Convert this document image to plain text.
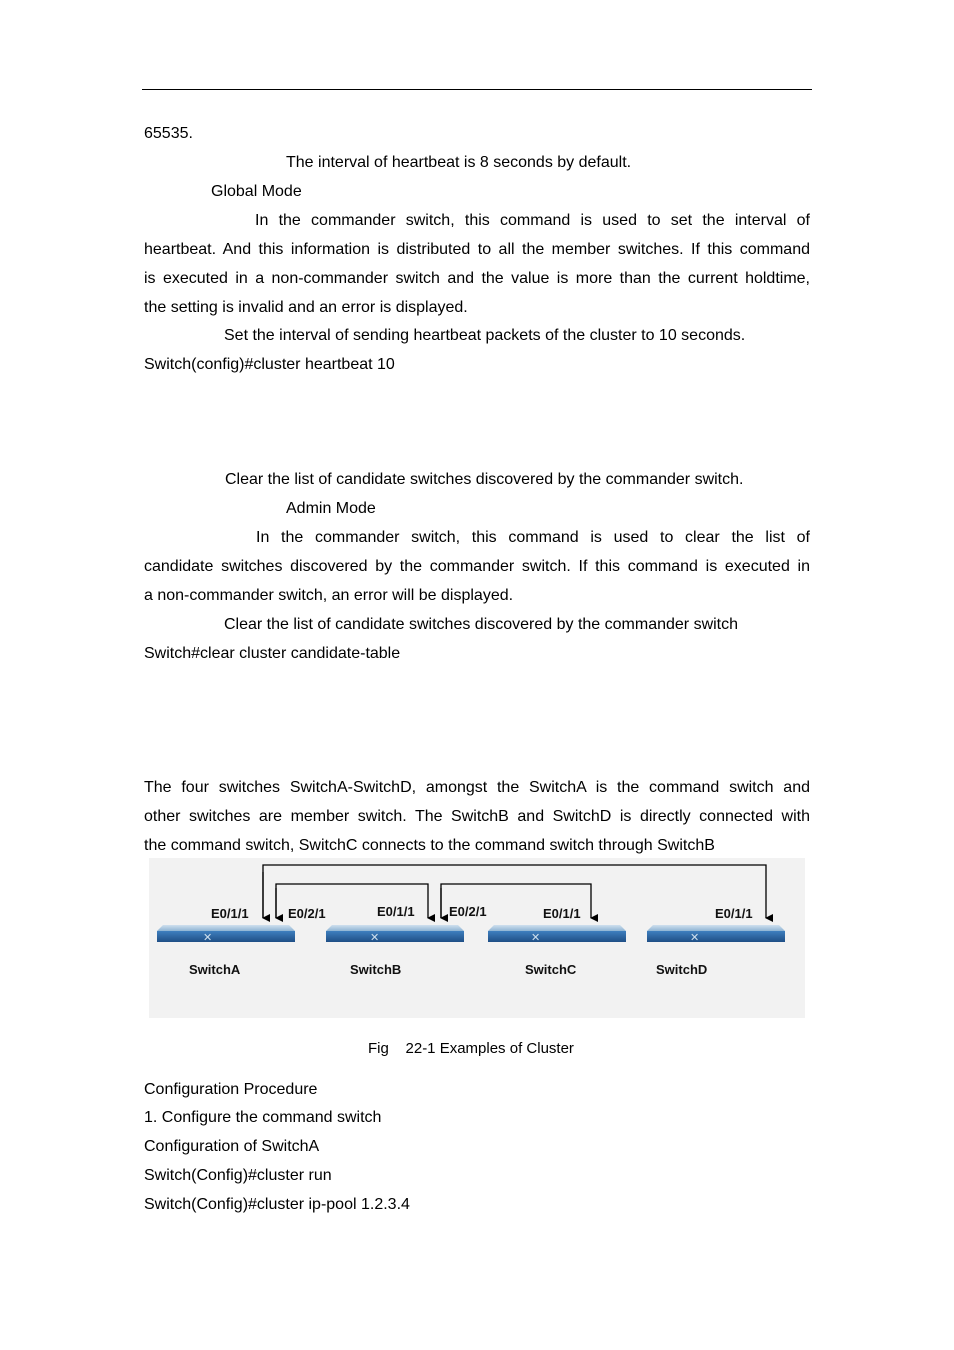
65535.
The interval of heartbeat is 8 seconds by default.
Global Mode
In the commander switch, this command is used to set the interval of
heartbeat. And this information is distributed to all the member switches. If this command
is executed in a non-commander switch and the value is more than the current holdtime,
the setting is invalid and an error is displayed.
Set the interval of sending heartbeat packets of the cluster to 10 seconds.
Switch(config)#cluster heartbeat 10
Clear the list of candidate switches discovered by the commander switch.
Admin Mode
In the commander switch, this command is used to clear the list of
candidate switches discovered by the commander switch. If this command is executed in
a non-commander switch, an error will be displayed.
Clear the list of candidate switches discovered by the commander switch
Switch#clear cluster candidate-table
The four switches SwitchA-SwitchD, amongst the SwitchA is the command switch and
other switches are member switch. The SwitchB and SwitchD is directly connected with
the command switch, SwitchC connects to the command switch through SwitchB
E0/1/1	E0/2/1	E0/1/1	E0/2/1	E0/1/1	E0/1/1
✕	✕	✕	✕
SwitchA	SwitchB	SwitchC	SwitchD
Fig    22-1 Examples of Cluster
Configuration Procedure
1. Configure the command switch
Configuration of SwitchA
Switch(Config)#cluster run
Switch(Config)#cluster ip-pool 1.2.3.4
